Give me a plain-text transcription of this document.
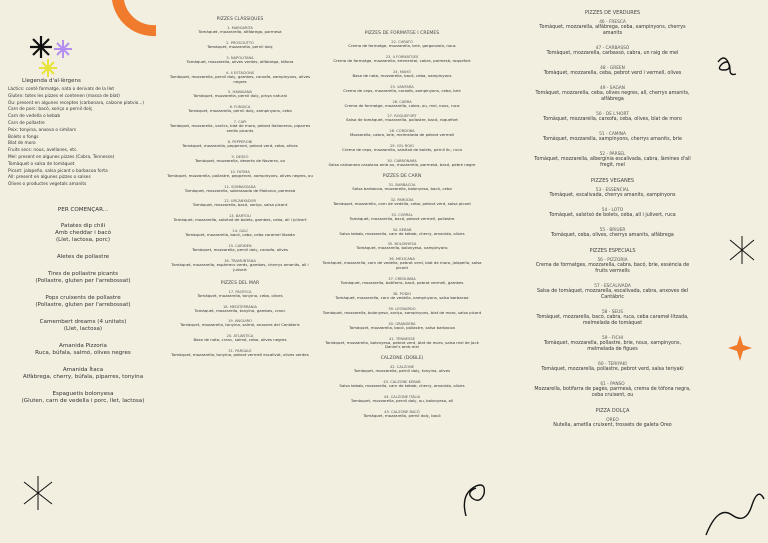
Llegenda d'al·lèrgens
Làctics: conté formatge, nata o derivats de la llet
Gluten: totes les pizzes el contenen (massa de blat)
Ou: present en algunes receptes (carbonara, calzone platvio...)
Carn de porc: bacó, xoriço o pernil dolç
Carn de vedella o kebab
Carn de pollastre
Peix: tonyina, anxova o similars
Bolets o fongs
Blat de moro
Fruits secs: nous, avellanes, etc.
Mel: present en algunes pizzes (Cabra, Tennesse)
Tomàquet o salsa de tomàquet
Picant: jalapeño, salsa picant o barbacoa forta
All: present en algunes pizzes o salses
Olives o productes vegetals amanits
PER COMENÇAR...
Patates dip chili
Amb cheddar i bacó
(Llet, lactosa, porc)
Aletes de pollastre
Tires de pollastre picants
(Pollastre, gluten per l'arrebossat)
Pops cruixents de pollastre
(Pollastre, gluten per l'arrebossat)
Camembert dreams (4 unitats)
(Llet, lactosa)
Amanida Pizzoria
Ruca, búfala, salmó, olives negres
Amanida Ítaca
Alfàbrega, cherry, búfala, piparres, tonyina
Espaguetis bolonyesa
(Gluten, carn de vedella i porc, llet, lactosa)
PIZZES CLÀSSIQUES
1. MARGARITA
Tomàquet, mozzarella, alfàbrega, parmesà
2. PROSCIUTTO
Tomàquet, mozzarella, pernil dolç
3. NAPOLITANA
Tomàquet, mozzarella, olives verdes, alfàbrega, tòfona
4. 4 ESTACIONS
Tomàquet, mozzarella, pernil dolç, gambes, carxofa, xampinyons, olives negres
5. HAWAIANA
Tomàquet, mozzarella, pernil dolç, pinya natural
6. FUNGICA
Tomàquet, mozzarella, pernil dolç, xampinyons, ceba
7. CAPI
Tomàquet, mozzarella, variics, blat de moro, pebrot italianeros, piparres sentis picants
8. PEPPERONI
Tomàquet, mozzarella, pepperoni, pebrot verd, ceba, olives
9. DESEO
Tomàquet, mozzarella, deserto de Navarra, ou
10. FATIMA
Tomàquet, mozzarella, pollastre, pepperoni, xampinyons, olives negres, ou
11. SOBRASSADA
Tomàquet, mozzarella, sobrassada de Mallorca, parmesà
12. URCANYADOR
Tomàquet, mozzarella, bacó, xoriço, salsa picant
13. BARTOLI
Tomàquet, mozzarella, salsitxó de bolets, gambes, ceba, all i julivert
14. GALÍ
Tomàquet, mozzarella, bacó, caba, ceba caramel·litzada
15. CARIDEN
Tomàquet, mozzarella, pernil dolç, carxofa, olives
16. TRAMUNTANA
Tomàquet, mozzarella, espàrrecs verds, gambes, cherrys amanits, all i julivert
PIZZES DEL MAR
17. PACÍFICA
Tomàquet, mozzarella, tonyina, ceba, olives
18. MEDITERRÀNIA
Tomàquet, mozzarella, tonyina, gambes, cranc
19. ANGUIRO
Tomàquet, mozzarella, tonyina, salmó, anxoves del Cantàbric
20. ATLÀNTICA
Base de nata, cranc, salmó, ceba, olives negres
21. PARGALE
Tomàquet, mozzarella, tonyina, pebrot vermell escalivat, olives verdes
PIZZES DE FORMATGE I CREMES
22. CURATO
Crema de formatge, mozzarella, brie, gorgonzola, nous
23. 4 FORMATGES
Crema de formatge, mozzarella, emmental, cabra, parmesà, roquefort
24. MAHÓ
Base de nata, mozzarella, bacó, ceba, xampinyons
25. VANTARA
Crema de ceps, mozzarella, carxofa, xampinyons, ceba, brie
26. CABRA
Crema de formatge, mozzarella, cabra, ou, mel, nous, ruca
27. ROQUEFORT
Salsa de tomàquet, mozzarella, pollastre, bacó, roquefort
28. CORDOBA
Mozzarella, cabra, brie, melmelada de pebrot vermell
29. CEL ROIG
Crema de ceps, mozzarella, salsitxó de bolets, pernil ib., ruca
30. CARBONARA
Salsa carbonara casolana amb ou, mozzarella, parmesà, bacó, pebre negre
PIZZES DE CARN
31. BARBACOA
Salsa barbacoa, mozzarella, bolonyesa, bacó, ceba
32. PARODIA
Tomàquet, mozzarella, carn de vedella, ceba, pebrot verd, salsa picant
33. CORRAL
Tomàquet, mozzarella, bacó, pebrot vermell, pollastre
34. KEBAB
Salsa kebab, mozzarella, carn de kebab, cherry, amanida, olives
35. BOLONYESA
Tomàquet, mozzarella, bolonyesa, xampinyons
36. MEXICANA
Tomàquet, mozzarella, carn de vedella, pebrot verd, blat de moro, jalapeño, salsa picant
37. CREDUNDA
Tomàquet, mozzarella, botifarra, bacó, pebrot vermell, gambes
38. PODIO
Tomàquet, mozzarella, carn de vedella, xampinyons, salsa barbacoa
39. LEONARDO
Tomàquet, mozzarella, bolonyesa, xoriço, xampinyons, blat de moro, salsa picant
40. GRANGERA
Tomàquet, mozzarella, bacó, pollastre, salsa barbacoa
41. TENNESSE
Tomàquet, mozzarella, bolonyesa, pebrot verd, blat de moro, salsa mel de Jack Daniel's amb mel
CALZONE (DOBLE)
42. CALZONE
Tomàquet, mozzarella, pernil dolç, tonyina, olives
43. CALZONE KEBAB
Salsa kebab, mozzarella, carn de kebab, cherry, amanida, olives
44. CALZONE ITÀLIA
Tomàquet, mozzarella, pernil dolç, ou, bolonyesa, all
45. CALZONE BACÓ
Tomàquet, mozzarella, pernil dolç, bacó
PIZZES DE VERDURES
46 - FRESCA
Tomàquet, mozzarella, alfàbrega, ceba, xampinyons, cherrys amanits
47 - CARBASSÓ
Tomàquet, mozzarella, carbassó, cabra, un raig de mel
48 - GREEN
Tomàquet, mozzarella, ceba, pebrot verd i vermell, olives
49 - SAGAN
Tomàquet, mozzarella, ceba, olives negres, all, cherrys amanits, alfàbrega
50 - DE L'HORT
Tomàquet, mozzarella, carxofa, ceba, olives, blat de moro
51 - CAMINA
Tomàquet, mozzarella, xampinyons, cherrys amanits, brie
52 - PÀRSEL
Tomàquet, mozzarella, albergínia escalivada, cabra, làmines d'all fregit, mel
PIZZES VEGANES
53 - ESSENCIAL
Tomàquet, escalivada, cherrys amanits, xampinyons
54 - LOTO
Tomàquet, salsitxó de bolets, ceba, all i julivert, ruca
55 - BRIUER
Tomàquet, ceba, olives, cherrys amanits, alfàbrega
PIZZES ESPECIALS
56 - PIZZORIA
Crema de formatges, mozzarella, cabra, bacó, brie, essència de fruits vermells
57 - ESCALIVADA
Salsa de tomàquet, mozzarella, escalivada, cabra, anxoves del Cantàbric
58 - SEUS
Tomàquet, mozzarella, bacó, cabra, ruca, ceba caramel·litzada, melmelada de tomàquet
59 - FICHI
Tomàquet, mozzarella, pollastre, brie, nous, xampinyons, melmelada de figues
60 - TERIYAKI
Tomàquet, mozzarella, pollastre, pebrot verd, salsa teriyaki
61 - PANSO
Mozzarella, botifarra de pagès, parmesà, crema de tòfona negra, ceba cruixent, ou
PIZZA DOLÇA
OREO
Nutella, ametlla cruixent, trossets de galeta Oreo
